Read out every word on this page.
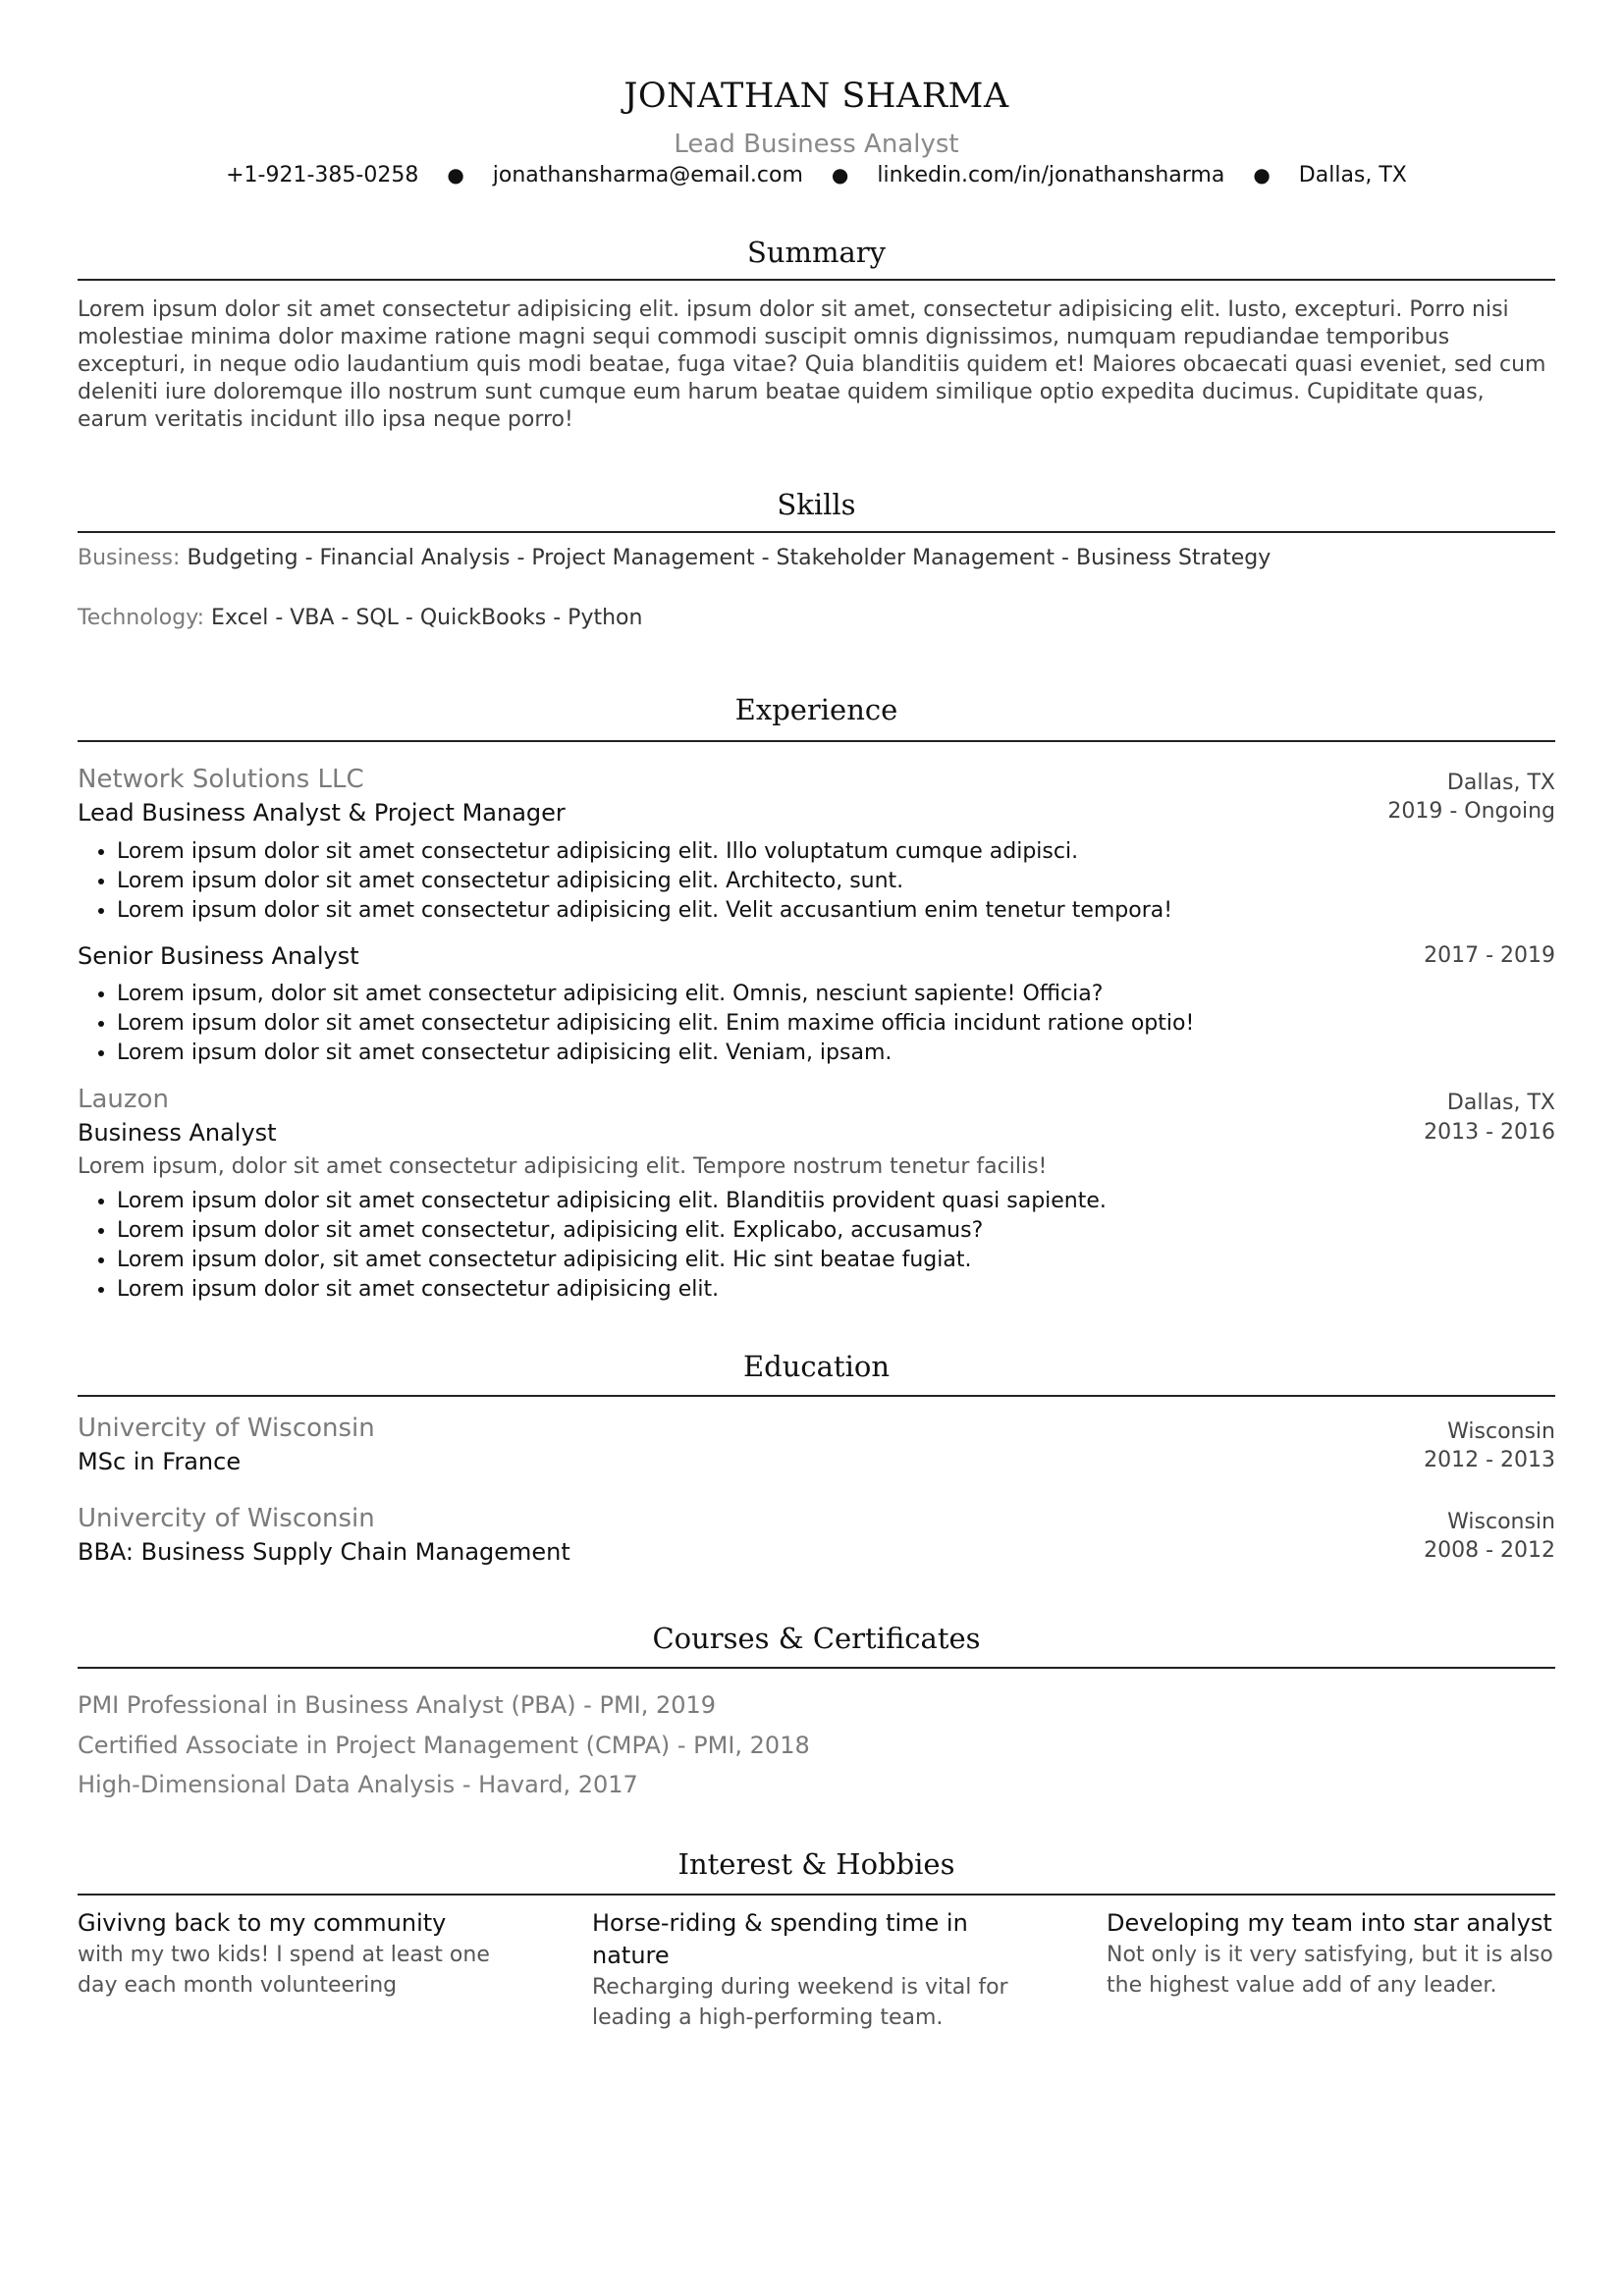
JONATHAN SHARMA
Lead Business Analyst
+1-921-385-0258 ● jonathansharma@email.com ● linkedin.com/in/jonathansharma ● Dallas, TX
Summary
Lorem ipsum dolor sit amet consectetur adipisicing elit. ipsum dolor sit amet, consectetur adipisicing elit. Iusto, excepturi. Porro nisi molestiae minima dolor maxime ratione magni sequi commodi suscipit omnis dignissimos, numquam repudiandae temporibus excepturi, in neque odio laudantium quis modi beatae, fuga vitae? Quia blanditiis quidem et! Maiores obcaecati quasi eveniet, sed cum deleniti iure doloremque illo nostrum sunt cumque eum harum beatae quidem similique optio expedita ducimus. Cupiditate quas, earum veritatis incidunt illo ipsa neque porro!
Skills
Business: Budgeting - Financial Analysis - Project Management - Stakeholder Management - Business Strategy
Technology: Excel - VBA - SQL - QuickBooks - Python
Experience
Network Solutions LLC	Dallas, TX
Lead Business Analyst & Project Manager	2019 - Ongoing
• Lorem ipsum dolor sit amet consectetur adipisicing elit. Illo voluptatum cumque adipisci.
• Lorem ipsum dolor sit amet consectetur adipisicing elit. Architecto, sunt.
• Lorem ipsum dolor sit amet consectetur adipisicing elit. Velit accusantium enim tenetur tempora!
Senior Business Analyst	2017 - 2019
• Lorem ipsum, dolor sit amet consectetur adipisicing elit. Omnis, nesciunt sapiente! Officia?
• Lorem ipsum dolor sit amet consectetur adipisicing elit. Enim maxime officia incidunt ratione optio!
• Lorem ipsum dolor sit amet consectetur adipisicing elit. Veniam, ipsam.
Lauzon	Dallas, TX
Business Analyst	2013 - 2016
Lorem ipsum, dolor sit amet consectetur adipisicing elit. Tempore nostrum tenetur facilis!
• Lorem ipsum dolor sit amet consectetur adipisicing elit. Blanditiis provident quasi sapiente.
• Lorem ipsum dolor sit amet consectetur, adipisicing elit. Explicabo, accusamus?
• Lorem ipsum dolor, sit amet consectetur adipisicing elit. Hic sint beatae fugiat.
• Lorem ipsum dolor sit amet consectetur adipisicing elit.
Education
Univercity of Wisconsin	Wisconsin
MSc in France	2012 - 2013
Univercity of Wisconsin	Wisconsin
BBA: Business Supply Chain Management	2008 - 2012
Courses & Certificates
PMI Professional in Business Analyst (PBA) - PMI, 2019
Certified Associate in Project Management (CMPA) - PMI, 2018
High-Dimensional Data Analysis - Havard, 2017
Interest & Hobbies
Givivng back to my community
with my two kids! I spend at least one day each month volunteering
Horse-riding & spending time in nature
Recharging during weekend is vital for leading a high-performing team.
Developing my team into star analyst
Not only is it very satisfying, but it is also the highest value add of any leader.
